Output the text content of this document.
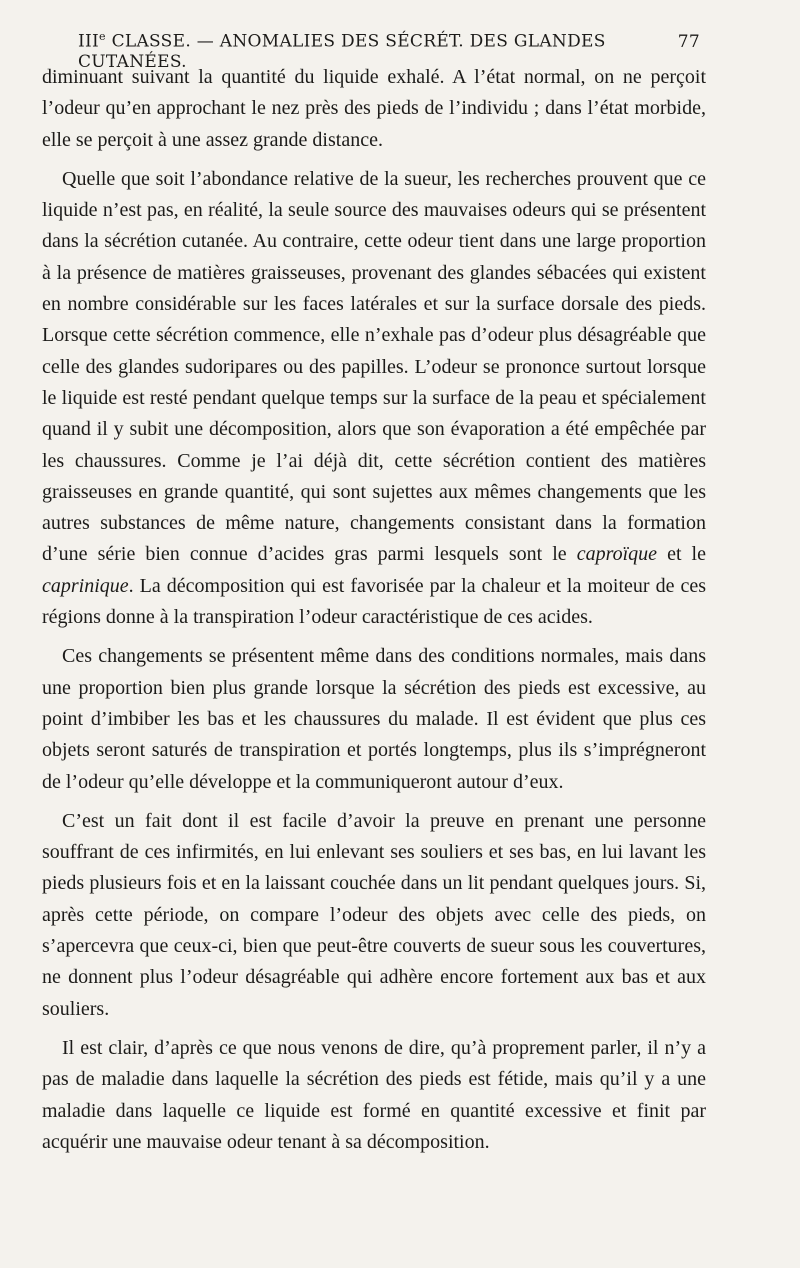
IIIe CLASSE. — ANOMALIES DES SÉCRÉT. DES GLANDES CUTANÉES.
77

diminuant suivant la quantité du liquide exhalé. A l’état normal, on ne perçoit l’odeur qu’en approchant le nez près des pieds de l’individu ; dans l’état morbide, elle se perçoit à une assez grande distance.

Quelle que soit l’abondance relative de la sueur, les recherches prouvent que ce liquide n’est pas, en réalité, la seule source des mauvaises odeurs qui se présentent dans la sécrétion cutanée. Au contraire, cette odeur tient dans une large proportion à la présence de matières graisseuses, provenant des glandes sébacées qui existent en nombre considérable sur les faces latérales et sur la surface dorsale des pieds. Lorsque cette sécrétion commence, elle n’exhale pas d’odeur plus désagréable que celle des glandes sudoripares ou des papilles. L’odeur se prononce surtout lorsque le liquide est resté pendant quelque temps sur la surface de la peau et spécialement quand il y subit une décomposition, alors que son évaporation a été empêchée par les chaussures. Comme je l’ai déjà dit, cette sécrétion contient des matières graisseuses en grande quantité, qui sont sujettes aux mêmes changements que les autres substances de même nature, changements consistant dans la formation d’une série bien connue d’acides gras parmi lesquels sont le caproïque et le caprinique. La décomposition qui est favorisée par la chaleur et la moiteur de ces régions donne à la transpiration l’odeur caractéristique de ces acides.

Ces changements se présentent même dans des conditions normales, mais dans une proportion bien plus grande lorsque la sécrétion des pieds est excessive, au point d’imbiber les bas et les chaussures du malade. Il est évident que plus ces objets seront saturés de transpiration et portés longtemps, plus ils s’imprégneront de l’odeur qu’elle développe et la communiqueront autour d’eux.

C’est un fait dont il est facile d’avoir la preuve en prenant une personne souffrant de ces infirmités, en lui enlevant ses souliers et ses bas, en lui lavant les pieds plusieurs fois et en la laissant couchée dans un lit pendant quelques jours. Si, après cette période, on compare l’odeur des objets avec celle des pieds, on s’apercevra que ceux-ci, bien que peut-être couverts de sueur sous les couvertures, ne donnent plus l’odeur désagréable qui adhère encore fortement aux bas et aux souliers.

Il est clair, d’après ce que nous venons de dire, qu’à proprement parler, il n’y a pas de maladie dans laquelle la sécrétion des pieds est fétide, mais qu’il y a une maladie dans laquelle ce liquide est formé en quantité excessive et finit par acquérir une mauvaise odeur tenant à sa décomposition.
